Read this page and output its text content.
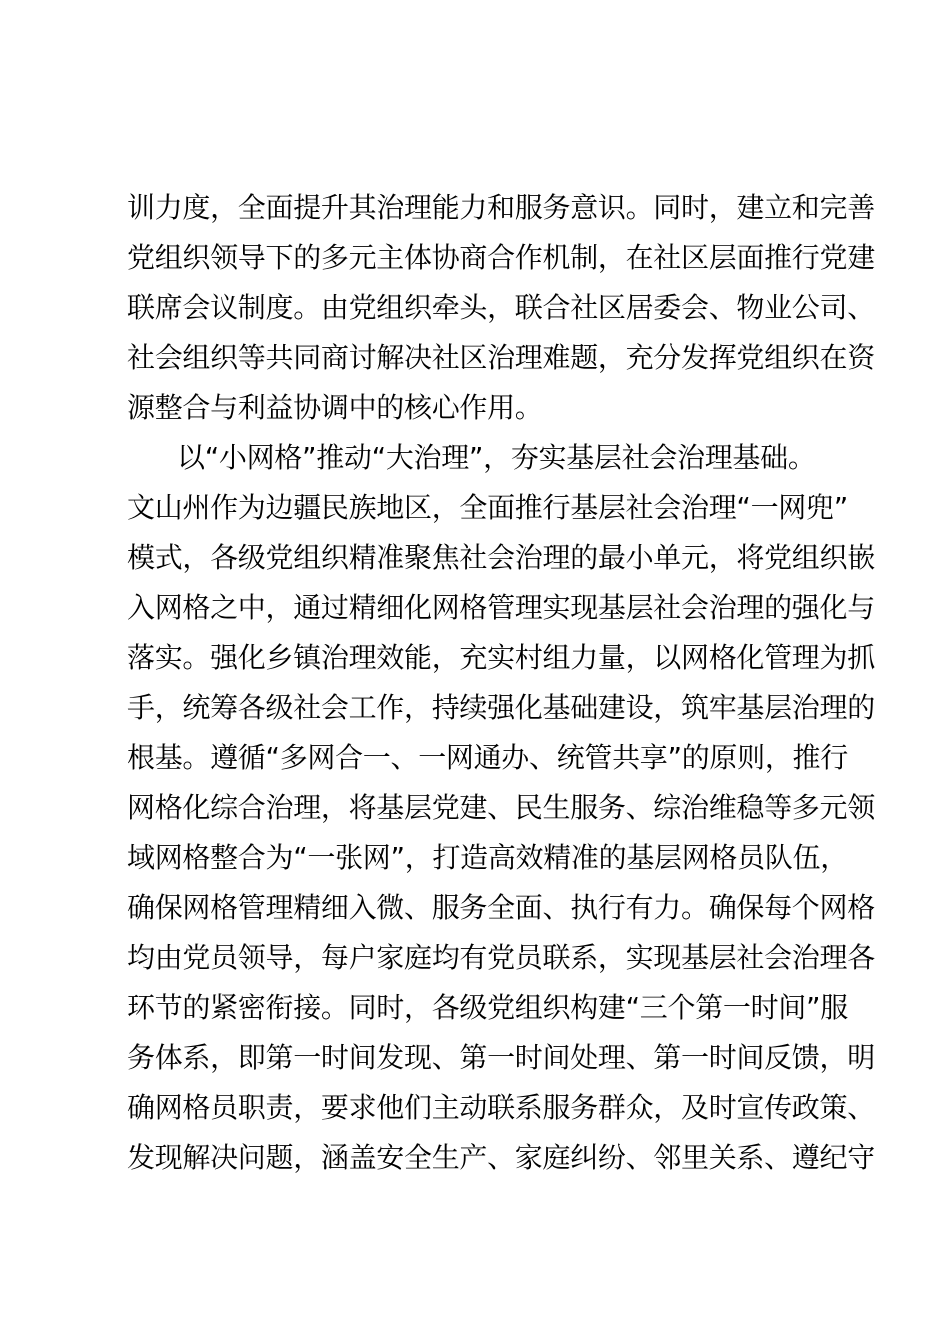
训力度，全面提升其治理能力和服务意识。同时，建立和完善
党组织领导下的多元主体协商合作机制，在社区层面推行党建
联席会议制度。由党组织牵头，联合社区居委会、物业公司、
社会组织等共同商讨解决社区治理难题，充分发挥党组织在资
源整合与利益协调中的核心作用。
以“小网格”推动“大治理”，夯实基层社会治理基础。
文山州作为边疆民族地区，全面推行基层社会治理“一网兜”
模式，各级党组织精准聚焦社会治理的最小单元，将党组织嵌
入网格之中，通过精细化网格管理实现基层社会治理的强化与
落实。强化乡镇治理效能，充实村组力量，以网格化管理为抓
手，统筹各级社会工作，持续强化基础建设，筑牢基层治理的
根基。遵循“多网合一、一网通办、统管共享”的原则，推行
网格化综合治理，将基层党建、民生服务、综治维稳等多元领
域网格整合为“一张网”，打造高效精准的基层网格员队伍，
确保网格管理精细入微、服务全面、执行有力。确保每个网格
均由党员领导，每户家庭均有党员联系，实现基层社会治理各
环节的紧密衔接。同时，各级党组织构建“三个第一时间”服
务体系，即第一时间发现、第一时间处理、第一时间反馈，明
确网格员职责，要求他们主动联系服务群众，及时宣传政策、
发现解决问题，涵盖安全生产、家庭纠纷、邻里关系、遵纪守
